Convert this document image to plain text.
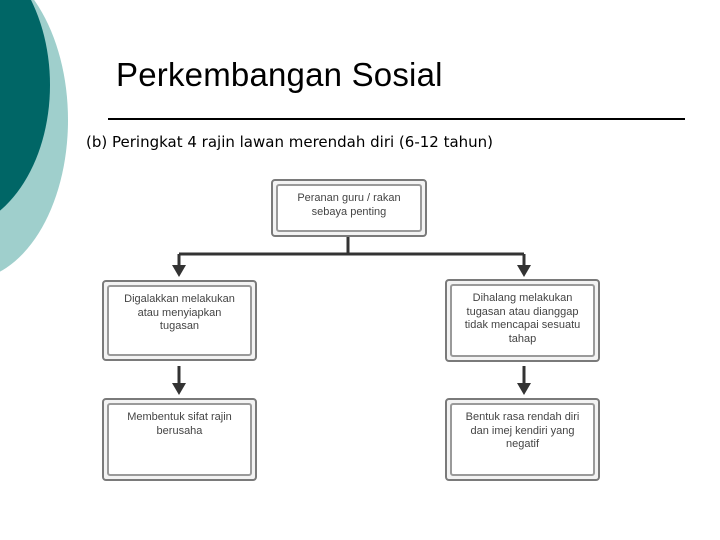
Perkembangan Sosial
(b) Peringkat 4 rajin lawan merendah diri (6-12 tahun)
Peranan guru / rakan
sebaya penting
Digalakkan melakukan
atau menyiapkan
tugasan
Dihalang melakukan
tugasan atau dianggap
tidak mencapai sesuatu
tahap
Membentuk sifat rajin
berusaha
Bentuk rasa rendah diri
dan imej kendiri yang
negatif
